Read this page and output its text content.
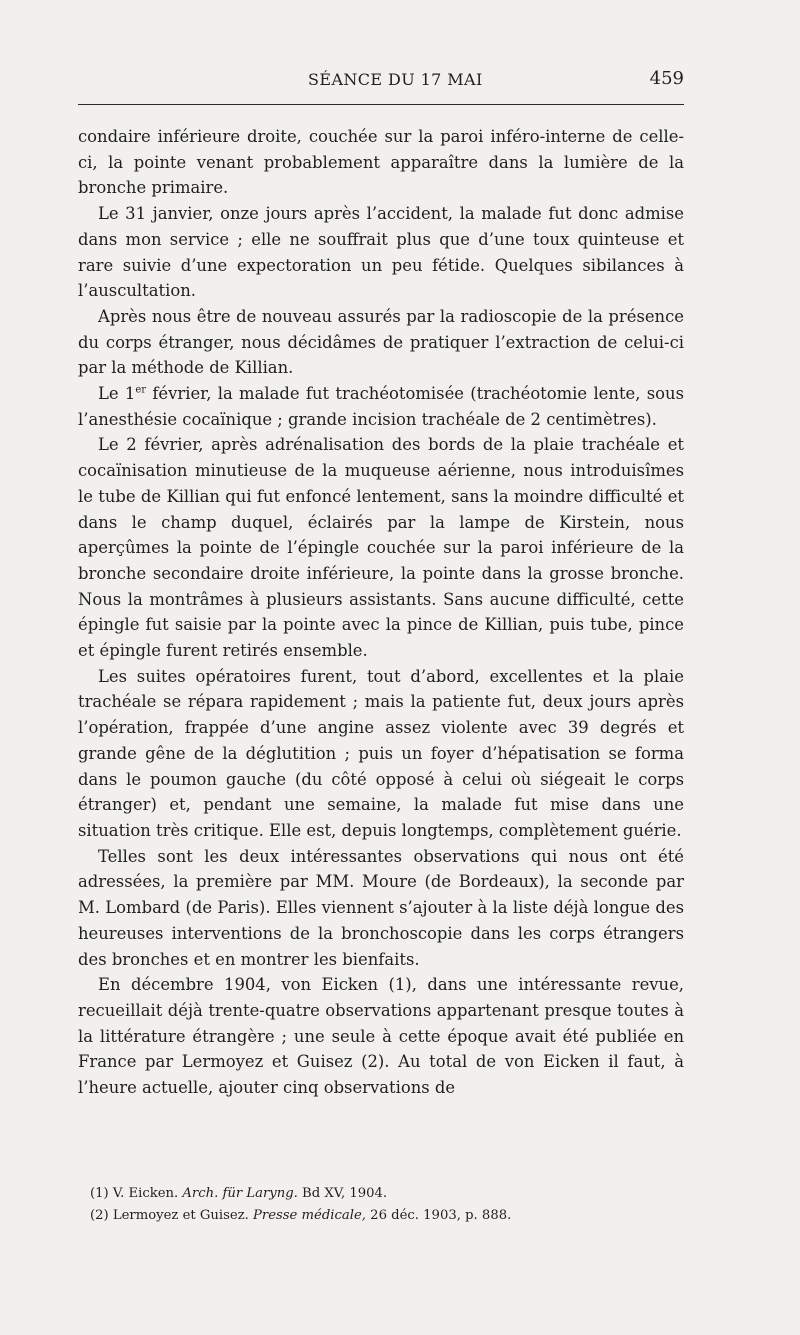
SÉANCE DU 17 MAI	459

condaire inférieure droite, couchée sur la paroi inféro-interne de celle-ci, la pointe venant probablement apparaître dans la lumière de la bronche primaire.

Le 31 janvier, onze jours après l’accident, la malade fut donc admise dans mon service ; elle ne souffrait plus que d’une toux quinteuse et rare suivie d’une expectoration un peu fétide. Quelques sibilances à l’auscultation.

Après nous être de nouveau assurés par la radioscopie de la présence du corps étranger, nous décidâmes de pratiquer l’extraction de celui-ci par la méthode de Killian.

Le 1er février, la malade fut trachéotomisée (trachéotomie lente, sous l’anesthésie cocaïnique ; grande incision trachéale de 2 centimètres).

Le 2 février, après adrénalisation des bords de la plaie trachéale et cocaïnisation minutieuse de la muqueuse aérienne, nous introduisîmes le tube de Killian qui fut enfoncé lentement, sans la moindre difficulté et dans le champ duquel, éclairés par la lampe de Kirstein, nous aperçûmes la pointe de l’épingle couchée sur la paroi inférieure de la bronche secondaire droite inférieure, la pointe dans la grosse bronche. Nous la montrâmes à plusieurs assistants. Sans aucune difficulté, cette épingle fut saisie par la pointe avec la pince de Killian, puis tube, pince et épingle furent retirés ensemble.

Les suites opératoires furent, tout d’abord, excellentes et la plaie trachéale se répara rapidement ; mais la patiente fut, deux jours après l’opération, frappée d’une angine assez violente avec 39 degrés et grande gêne de la déglutition ; puis un foyer d’hépatisation se forma dans le poumon gauche (du côté opposé à celui où siégeait le corps étranger) et, pendant une semaine, la malade fut mise dans une situation très critique. Elle est, depuis longtemps, complètement guérie.

Telles sont les deux intéressantes observations qui nous ont été adressées, la première par MM. Moure (de Bordeaux), la seconde par M. Lombard (de Paris). Elles viennent s’ajouter à la liste déjà longue des heureuses interventions de la bronchoscopie dans les corps étrangers des bronches et en montrer les bienfaits.

En décembre 1904, von Eicken (1), dans une intéressante revue, recueillait déjà trente-quatre observations appartenant presque toutes à la littérature étrangère ; une seule à cette époque avait été publiée en France par Lermoyez et Guisez (2). Au total de von Eicken il faut, à l’heure actuelle, ajouter cinq observations de

(1) V. Eicken. Arch. für Laryng. Bd XV, 1904.

(2) Lermoyez et Guisez. Presse médicale, 26 déc. 1903, p. 888.
